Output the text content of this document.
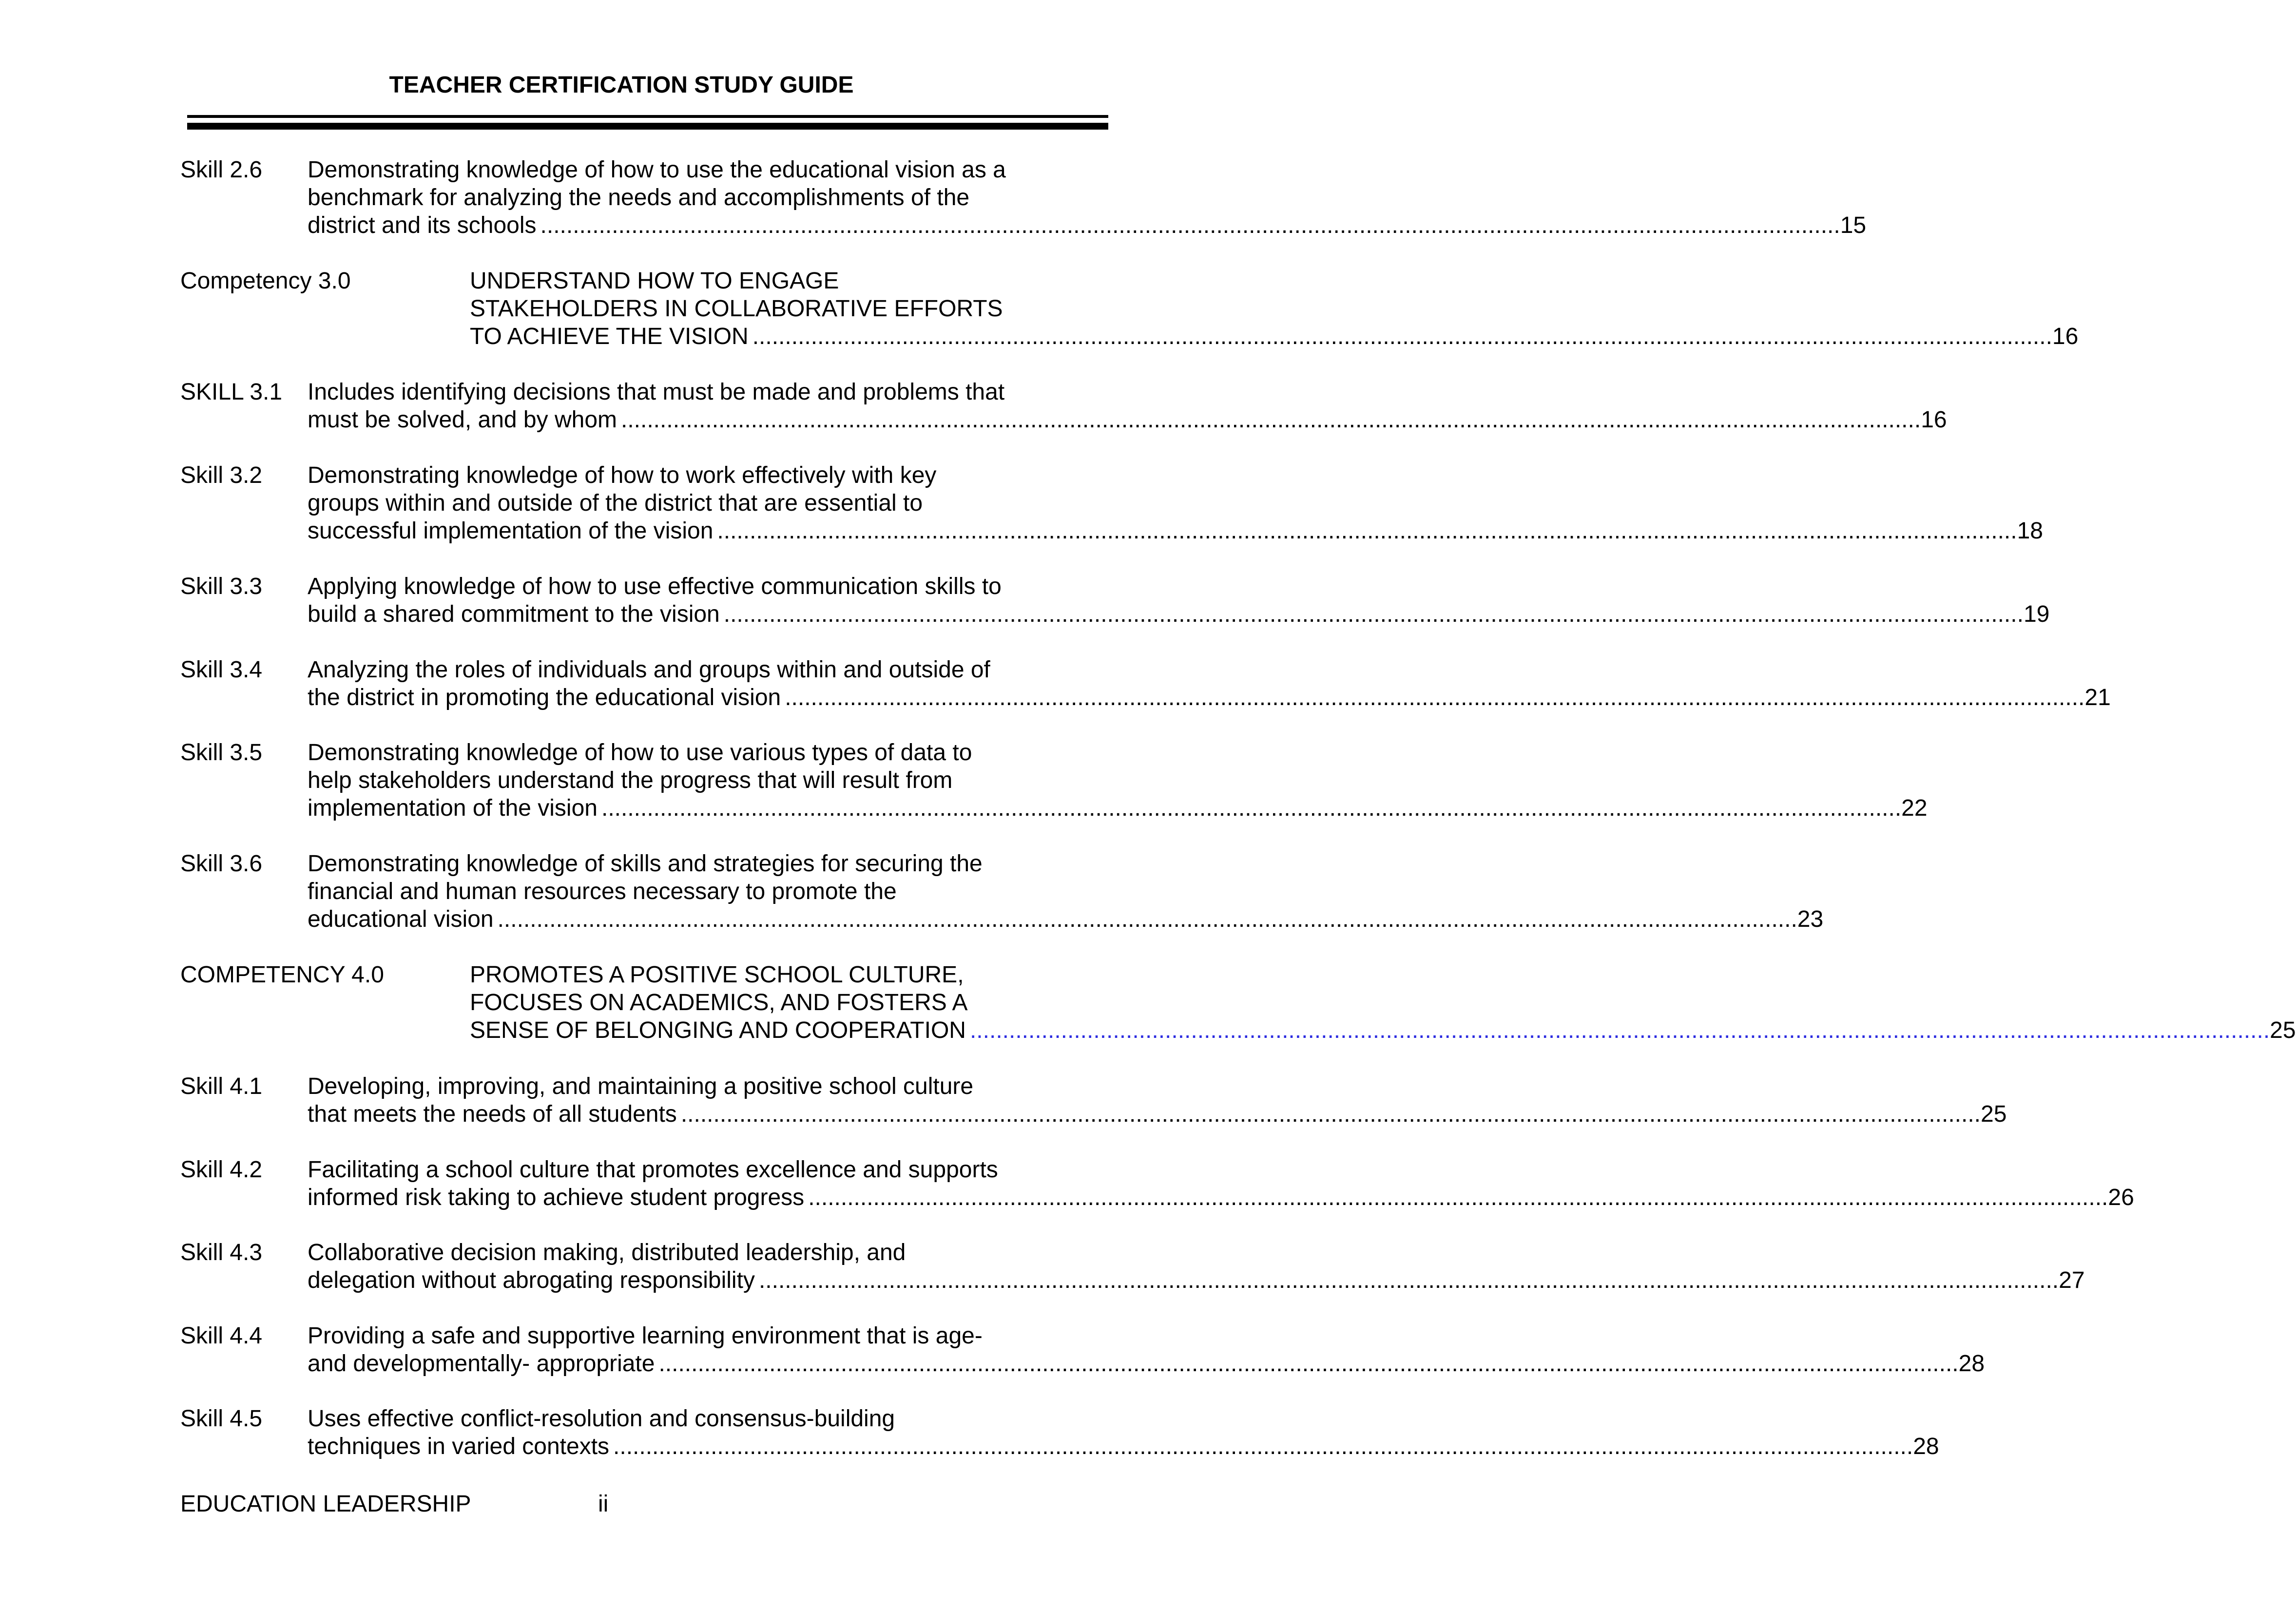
TEACHER CERTIFICATION STUDY GUIDE
Skill 2.6 Demonstrating knowledge of how to use the educational vision as a
benchmark for analyzing the needs and accomplishments of the
district and its schools ........................................................................................................................................................................................................ 15
Competency 3.0	UNDERSTAND HOW TO ENGAGE
STAKEHOLDERS IN COLLABORATIVE EFFORTS
TO ACHIEVE THE VISION ........................................................................................................................................................................................................ 16
SKILL 3.1 Includes identifying decisions that must be made and problems that
must be solved, and by whom ........................................................................................................................................................................................................ 16
Skill 3.2 Demonstrating knowledge of how to work effectively with key
groups within and outside of the district that are essential to
successful implementation of the vision ........................................................................................................................................................................................................ 18
Skill 3.3 Applying knowledge of how to use effective communication skills to
build a shared commitment to the vision ........................................................................................................................................................................................................ 19
Skill 3.4 Analyzing the roles of individuals and groups within and outside of
the district in promoting the educational vision ........................................................................................................................................................................................................ 21
Skill 3.5 Demonstrating knowledge of how to use various types of data to
help stakeholders understand the progress that will result from
implementation of the vision ........................................................................................................................................................................................................ 22
Skill 3.6 Demonstrating knowledge of skills and strategies for securing the
financial and human resources necessary to promote the
educational vision ........................................................................................................................................................................................................ 23
COMPETENCY 4.0	PROMOTES A POSITIVE SCHOOL CULTURE,
FOCUSES ON ACADEMICS, AND FOSTERS A
SENSE OF BELONGING AND COOPERATION ........................................................................................................................................................................................................ 25
Skill 4.1 Developing, improving, and maintaining a positive school culture
that meets the needs of all students ........................................................................................................................................................................................................ 25
Skill 4.2 Facilitating a school culture that promotes excellence and supports
informed risk taking to achieve student progress ........................................................................................................................................................................................................ 26
Skill 4.3 Collaborative decision making, distributed leadership, and
delegation without abrogating responsibility ........................................................................................................................................................................................................ 27
Skill 4.4 Providing a safe and supportive learning environment that is age-
and developmentally- appropriate ........................................................................................................................................................................................................ 28
Skill 4.5 Uses effective conflict-resolution and consensus-building
techniques in varied contexts ........................................................................................................................................................................................................ 28
EDUCATION LEADERSHIP	ii
